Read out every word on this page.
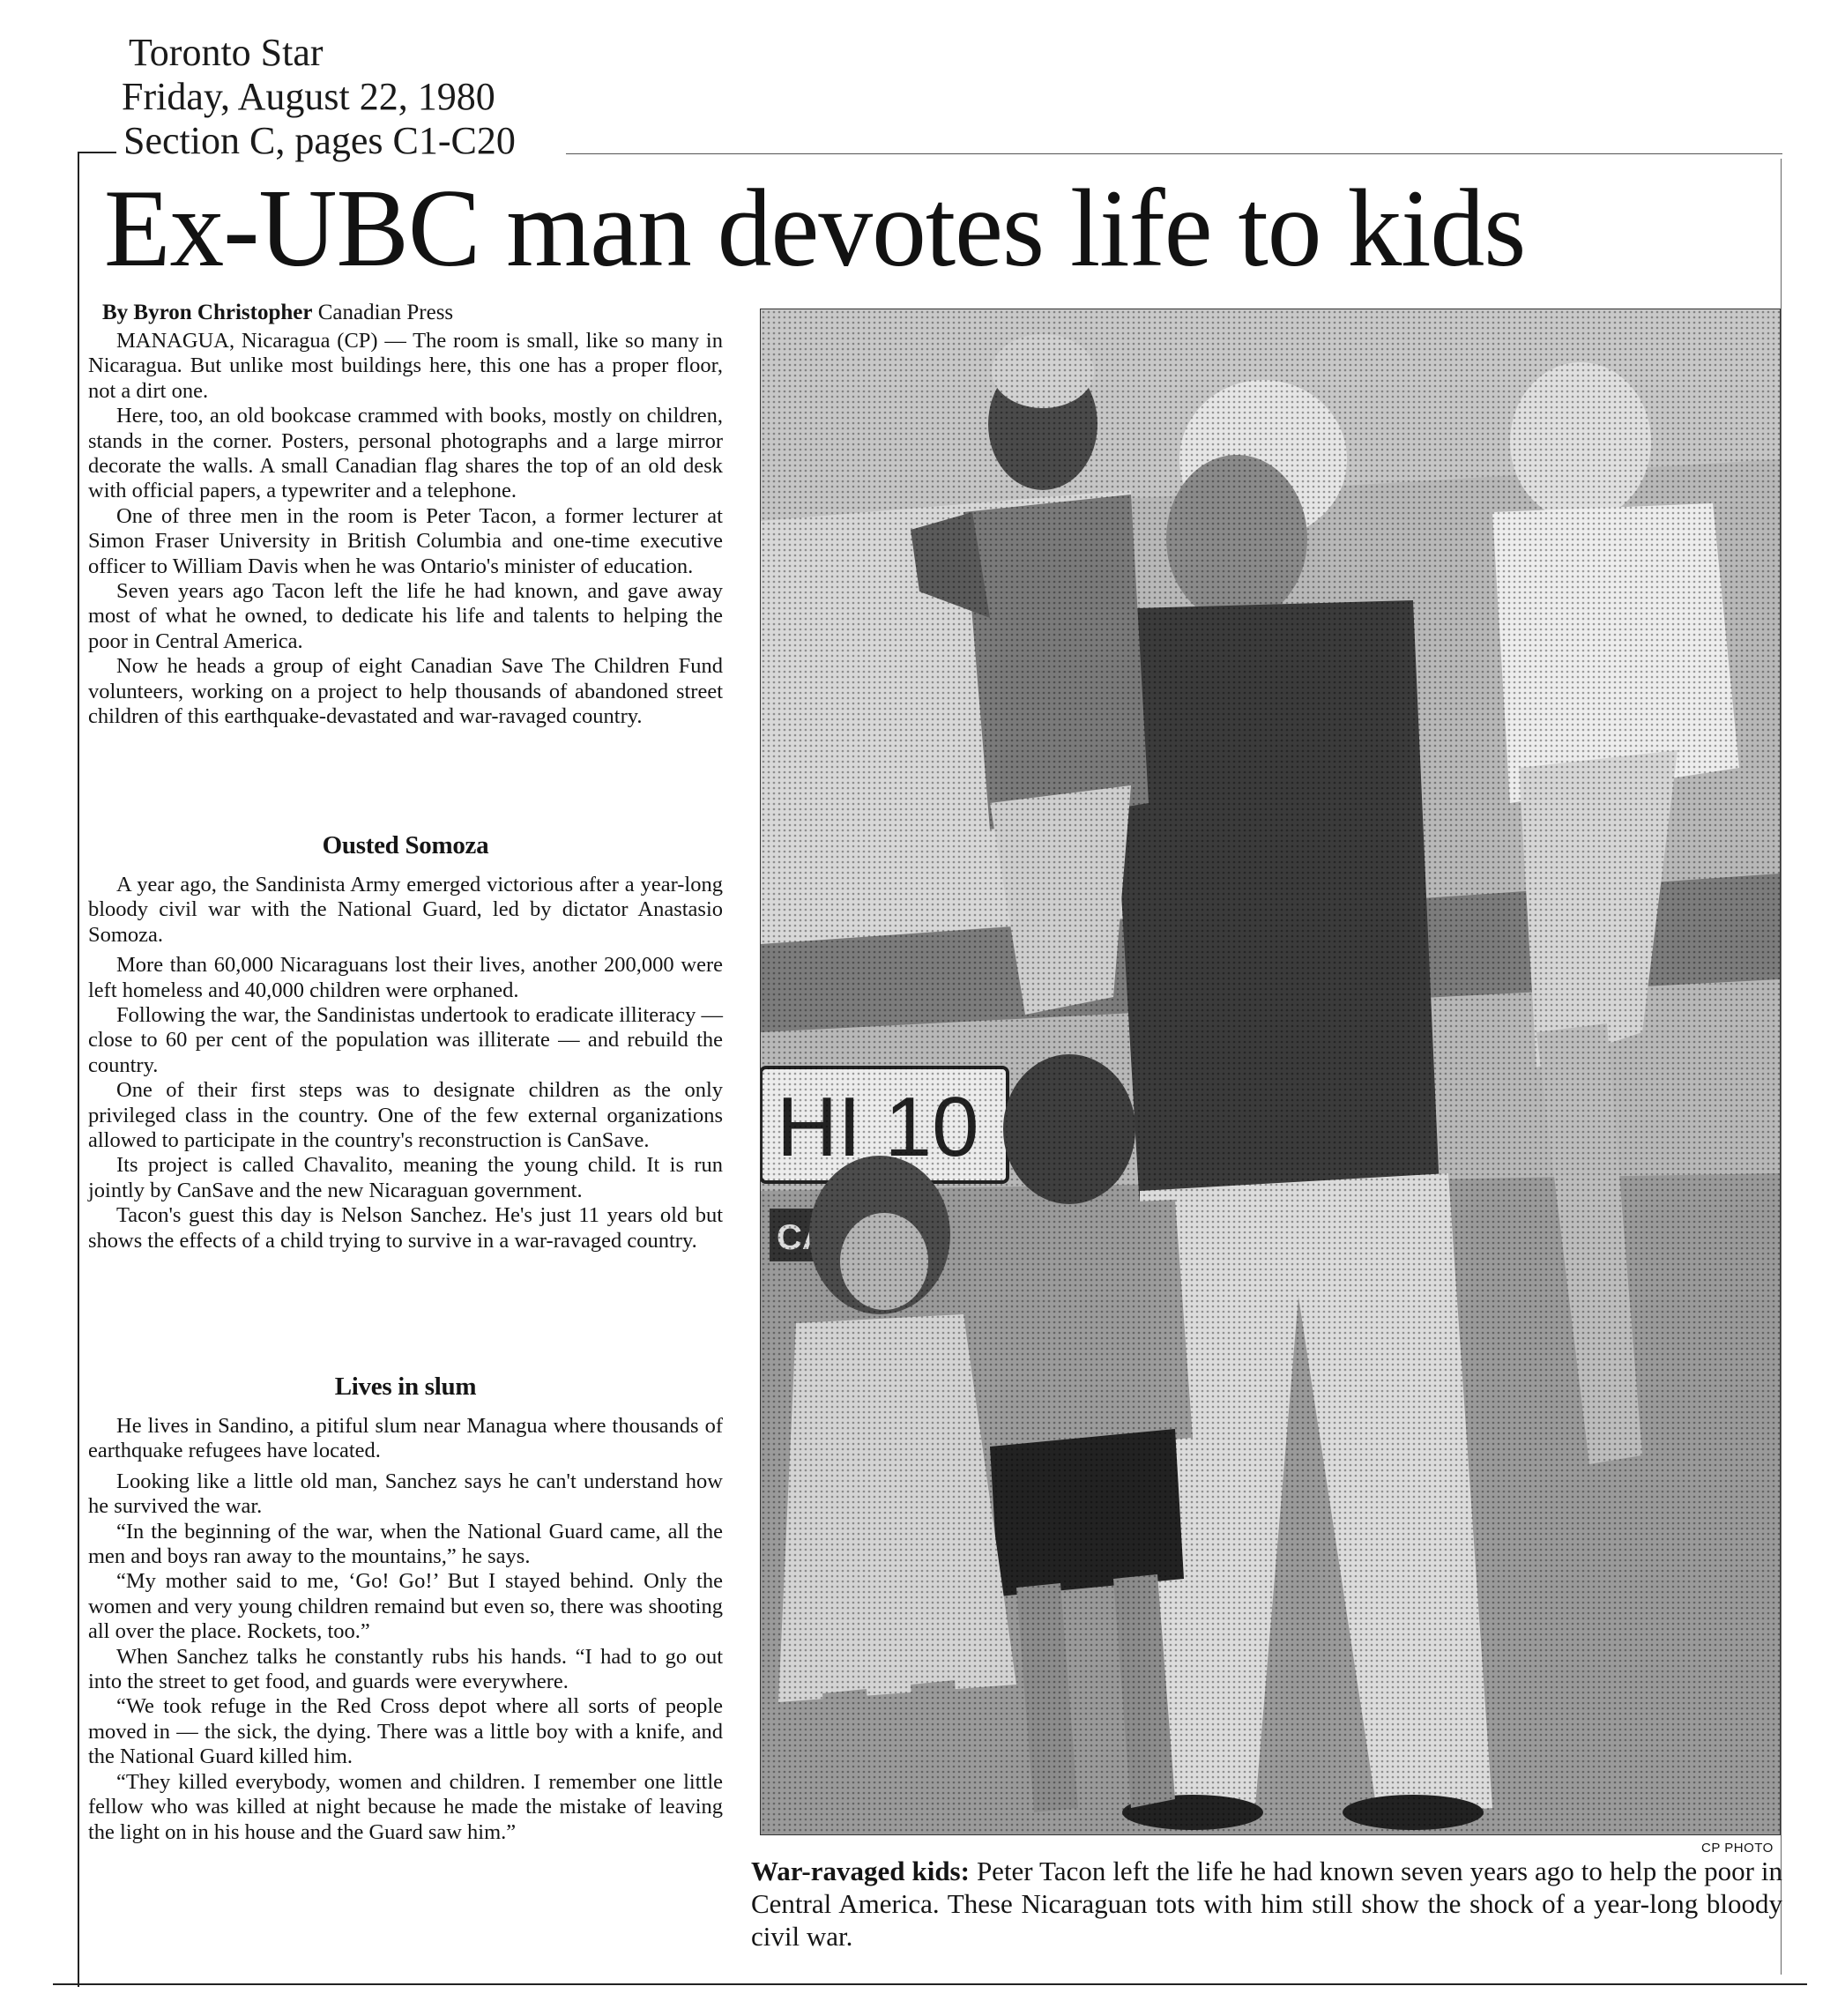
Toronto Star
Friday, August 22, 1980
Section C, pages C1-C20
Ex-UBC man devotes life to kids
By Byron Christopher Canadian Press

MANAGUA, Nicaragua (CP) — The room is small, like so many in Nicaragua. But unlike most buildings here, this one has a proper floor, not a dirt one.

Here, too, an old bookcase crammed with books, mostly on children, stands in the corner. Posters, personal photographs and a large mirror decorate the walls. A small Canadian flag shares the top of an old desk with official papers, a typewriter and a telephone.

One of three men in the room is Peter Tacon, a former lecturer at Simon Fraser University in British Columbia and one-time executive officer to William Davis when he was Ontario's minister of education.

Seven years ago Tacon left the life he had known, and gave away most of what he owned, to dedicate his life and talents to helping the poor in Central America.

Now he heads a group of eight Canadian Save The Children Fund volunteers, working on a project to help thousands of abandoned street children of this earthquake-devastated and war-ravaged country.

Ousted Somoza

A year ago, the Sandinista Army emerged victorious after a year-long bloody civil war with the National Guard, led by dictator Anastasio Somoza.

More than 60,000 Nicaraguans lost their lives, another 200,000 were left homeless and 40,000 children were orphaned.

Following the war, the Sandinistas undertook to eradicate illiteracy — close to 60 per cent of the population was illiterate — and rebuild the country.

One of their first steps was to designate children as the only privileged class in the country. One of the few external organizations allowed to participate in the country's reconstruction is CanSave.

Its project is called Chavalito, meaning the young child. It is run jointly by CanSave and the new Nicaraguan government.

Tacon's guest this day is Nelson Sanchez. He's just 11 years old but shows the effects of a child trying to survive in a war-ravaged country.

Lives in slum

He lives in Sandino, a pitiful slum near Managua where thousands of earthquake refugees have located.

Looking like a little old man, Sanchez says he can't understand how he survived the war.

“In the beginning of the war, when the National Guard came, all the men and boys ran away to the mountains,” he says.

“My mother said to me, ‘Go! Go!’ But I stayed behind. Only the women and very young children remaind but even so, there was shooting all over the place. Rockets, too.”

When Sanchez talks he constantly rubs his hands. “I had to go out into the street to get food, and guards were everywhere.

“We took refuge in the Red Cross depot where all sorts of people moved in — the sick, the dying. There was a little boy with a knife, and the National Guard killed him.

“They killed everybody, women and children. I remember one little fellow who was killed at night because he made the mistake of leaving the light on in his house and the Guard saw him.”

CP PHOTO
War-ravaged kids: Peter Tacon left the life he had known seven years ago to help the poor in Central America. These Nicaraguan tots with him still show the shock of a year-long bloody civil war.
